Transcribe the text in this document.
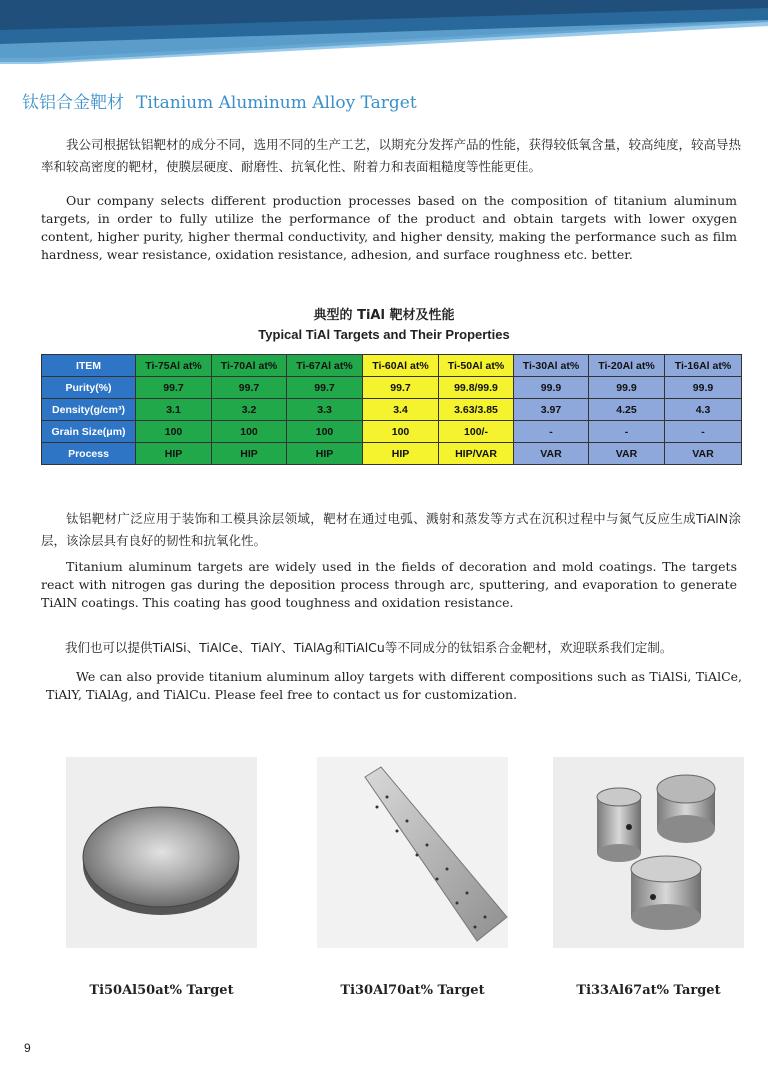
钛铝合金靶材 Titanium Aluminum Alloy Target
我公司根据钛铝靶材的成分不同，选用不同的生产工艺，以期充分发挥产品的性能，获得较低氧含量，较高纯度，较高导热率和较高密度的靶材，使膜层硬度、耐磨性、抗氧化性、附着力和表面粗糙度等性能更佳。
Our company selects different production processes based on the composition of titanium aluminum targets, in order to fully utilize the performance of the product and obtain targets with lower oxygen content, higher purity, higher thermal conductivity, and higher density, making the performance such as film hardness, wear resistance, oxidation resistance, adhesion, and surface roughness etc. better.
典型的 TiAl 靶材及性能
Typical TiAl Targets and Their Properties
ITEM	Ti-75Al at%	Ti-70Al at%	Ti-67Al at%	Ti-60Al at%	Ti-50Al at%	Ti-30Al at%	Ti-20Al at%	Ti-16Al at%
Purity(%)	99.7	99.7	99.7	99.7	99.8/99.9	99.9	99.9	99.9
Density(g/cm³)	3.1	3.2	3.3	3.4	3.63/3.85	3.97	4.25	4.3
Grain Size(μm)	100	100	100	100	100/-	-	-	-
Process	HIP	HIP	HIP	HIP	HIP/VAR	VAR	VAR	VAR
钛铝靶材广泛应用于装饰和工模具涂层领域，靶材在通过电弧、溅射和蒸发等方式在沉积过程中与氮气反应生成TiAlN涂层，该涂层具有良好的韧性和抗氧化性。
Titanium aluminum targets are widely used in the fields of decoration and mold coatings. The targets react with nitrogen gas during the deposition process through arc, sputtering, and evaporation to generate TiAlN coatings. This coating has good toughness and oxidation resistance.
我们也可以提供TiAlSi、TiAlCe、TiAlY、TiAlAg和TiAlCu等不同成分的钛铝系合金靶材，欢迎联系我们定制。
We can also provide titanium aluminum alloy targets with different compositions such as TiAlSi, TiAlCe, TiAlY, TiAlAg, and TiAlCu. Please feel free to contact us for customization.
Ti50Al50at% Target	Ti30Al70at% Target	Ti33Al67at% Target
9
